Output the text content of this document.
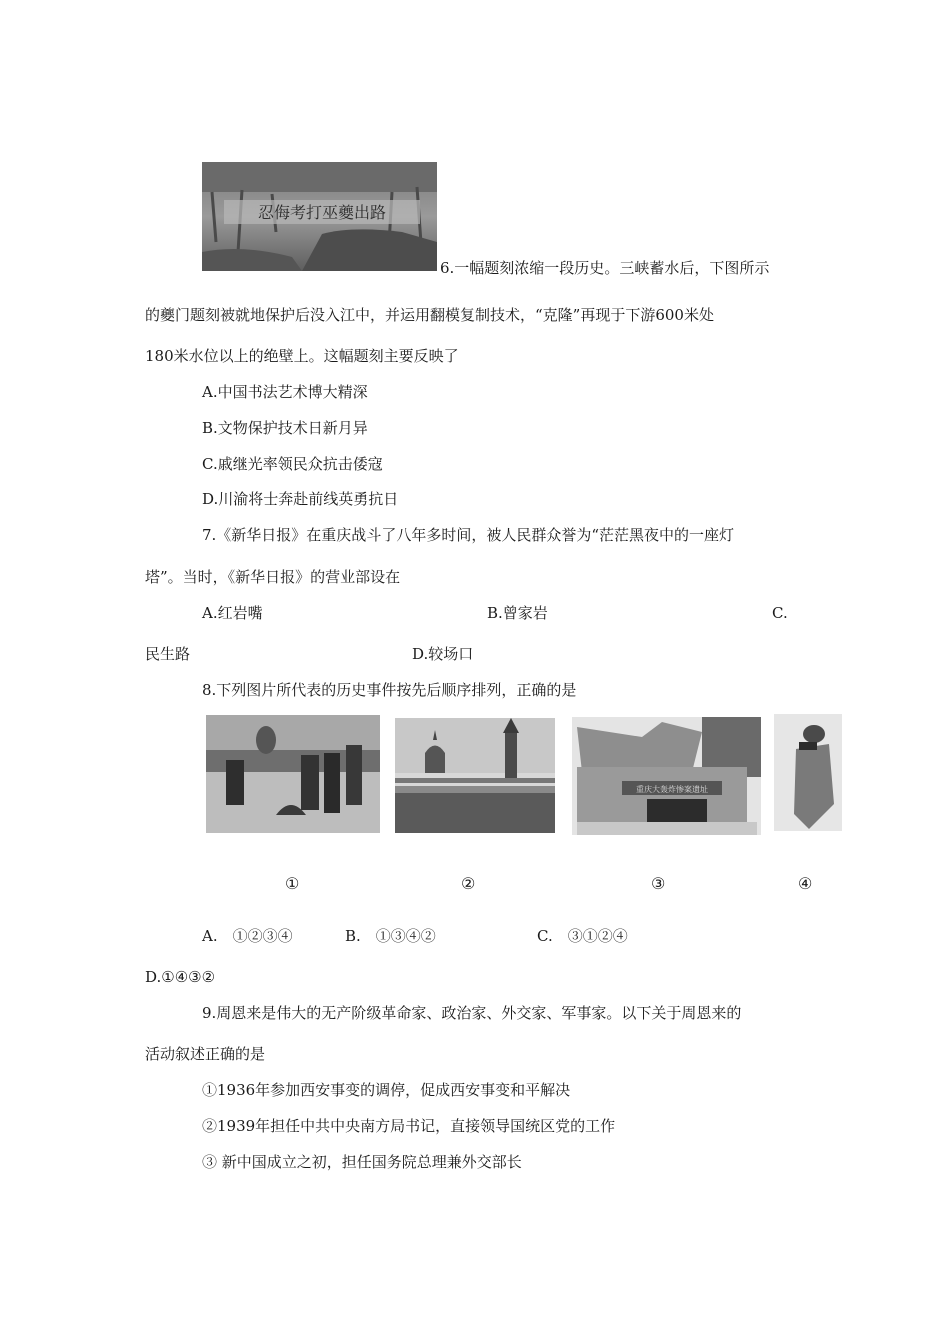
忍侮考打巫夔出路
6.一幅题刻浓缩一段历史。三峡蓄水后，下图所示
的夔门题刻被就地保护后没入江中，并运用翻模复制技术，“克隆”再现于下游600米处
180米水位以上的绝壁上。这幅题刻主要反映了
A.中国书法艺术博大精深
B.文物保护技术日新月异
C.戚继光率领民众抗击倭寇
D.川渝将士奔赴前线英勇抗日
7.《新华日报》在重庆战斗了八年多时间，被人民群众誉为“茫茫黑夜中的一座灯
塔”。当时，《新华日报》的营业部设在
A.红岩嘴	B.曾家岩	C.
民生路	D.较场口
8.下列图片所代表的历史事件按先后顺序排列，正确的是
重庆大轰炸惨案遗址
①	②	③	④
A.　①②③④	B.　①③④②	C.　③①②④
D.①④③②
9.周恩来是伟大的无产阶级革命家、政治家、外交家、军事家。以下关于周恩来的
活动叙述正确的是
①1936年参加西安事变的调停，促成西安事变和平解决
②1939年担任中共中央南方局书记，直接领导国统区党的工作
③ 新中国成立之初，担任国务院总理兼外交部长
